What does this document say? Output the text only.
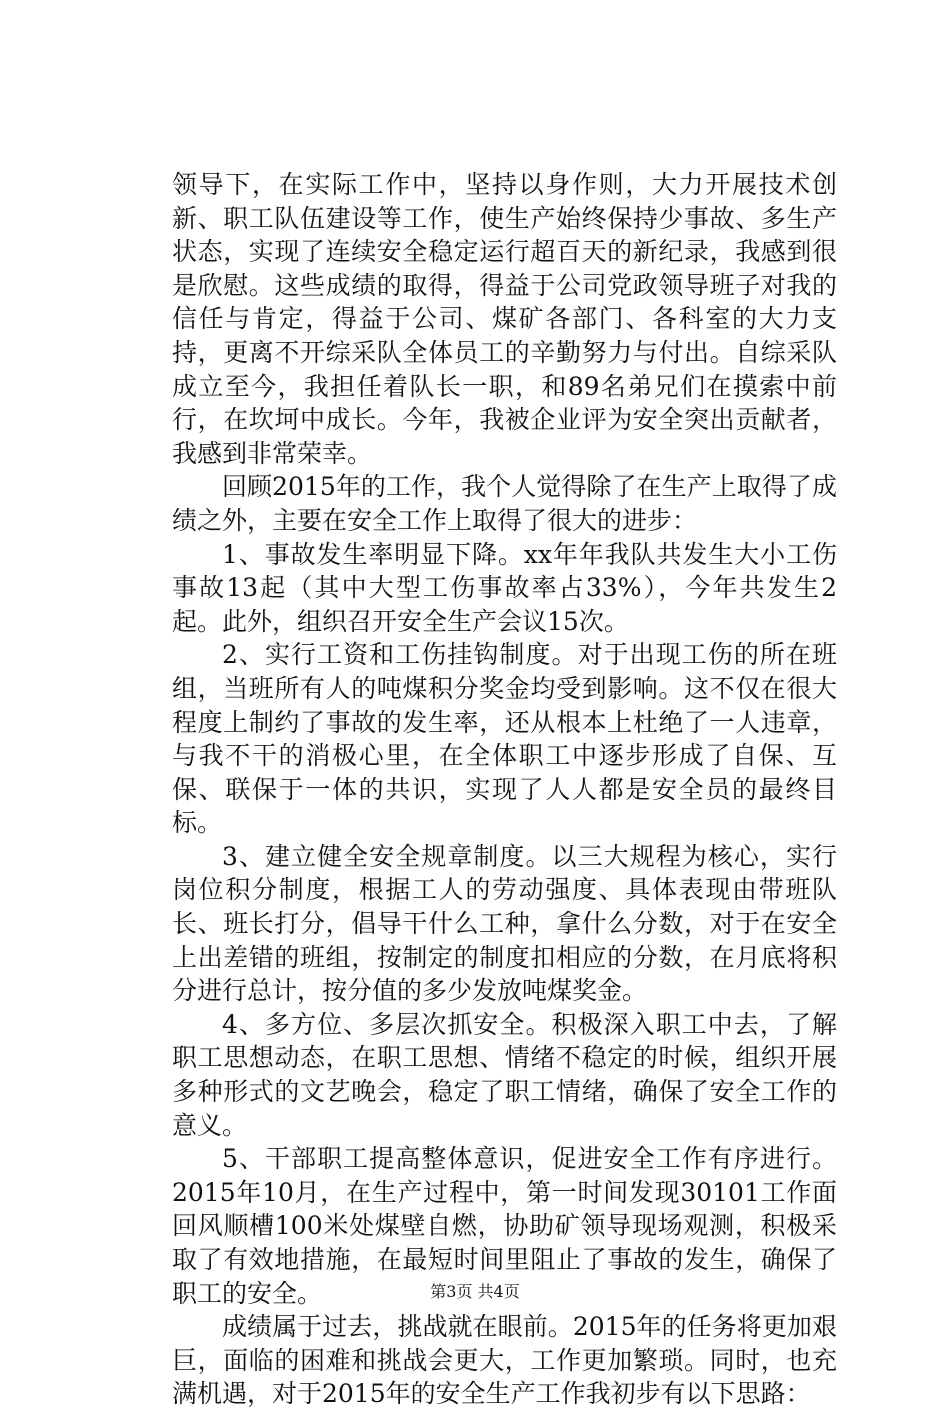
领导下，在实际工作中，坚持以身作则，大力开展技术创新、职工队伍建设等工作，使生产始终保持少事故、多生产状态，实现了连续安全稳定运行超百天的新纪录，我感到很是欣慰。这些成绩的取得，得益于公司党政领导班子对我的信任与肯定，得益于公司、煤矿各部门、各科室的大力支持，更离不开综采队全体员工的辛勤努力与付出。自综采队成立至今，我担任着队长一职，和89名弟兄们在摸索中前行，在坎坷中成长。今年，我被企业评为安全突出贡献者，我感到非常荣幸。

回顾2015年的工作，我个人觉得除了在生产上取得了成绩之外，主要在安全工作上取得了很大的进步：

1、事故发生率明显下降。xx年年我队共发生大小工伤事故13起（其中大型工伤事故率占33%），今年共发生2起。此外，组织召开安全生产会议15次。

2、实行工资和工伤挂钩制度。对于出现工伤的所在班组，当班所有人的吨煤积分奖金均受到影响。这不仅在很大程度上制约了事故的发生率，还从根本上杜绝了一人违章，与我不干的消极心里，在全体职工中逐步形成了自保、互保、联保于一体的共识，实现了人人都是安全员的最终目标。

3、建立健全安全规章制度。以三大规程为核心，实行岗位积分制度，根据工人的劳动强度、具体表现由带班队长、班长打分，倡导干什么工种，拿什么分数，对于在安全上出差错的班组，按制定的制度扣相应的分数，在月底将积分进行总计，按分值的多少发放吨煤奖金。

4、多方位、多层次抓安全。积极深入职工中去，了解职工思想动态，在职工思想、情绪不稳定的时候，组织开展多种形式的文艺晚会，稳定了职工情绪，确保了安全工作的意义。

5、干部职工提高整体意识，促进安全工作有序进行。2015年10月，在生产过程中，第一时间发现30101工作面回风顺槽100米处煤壁自燃，协助矿领导现场观测，积极采取了有效地措施，在最短时间里阻止了事故的发生，确保了职工的安全。

成绩属于过去，挑战就在眼前。2015年的任务将更加艰巨，面临的困难和挑战会更大，工作更加繁琐。同时，也充满机遇，对于2015年的安全生产工作我初步有以下思路：

第3页 共4页
